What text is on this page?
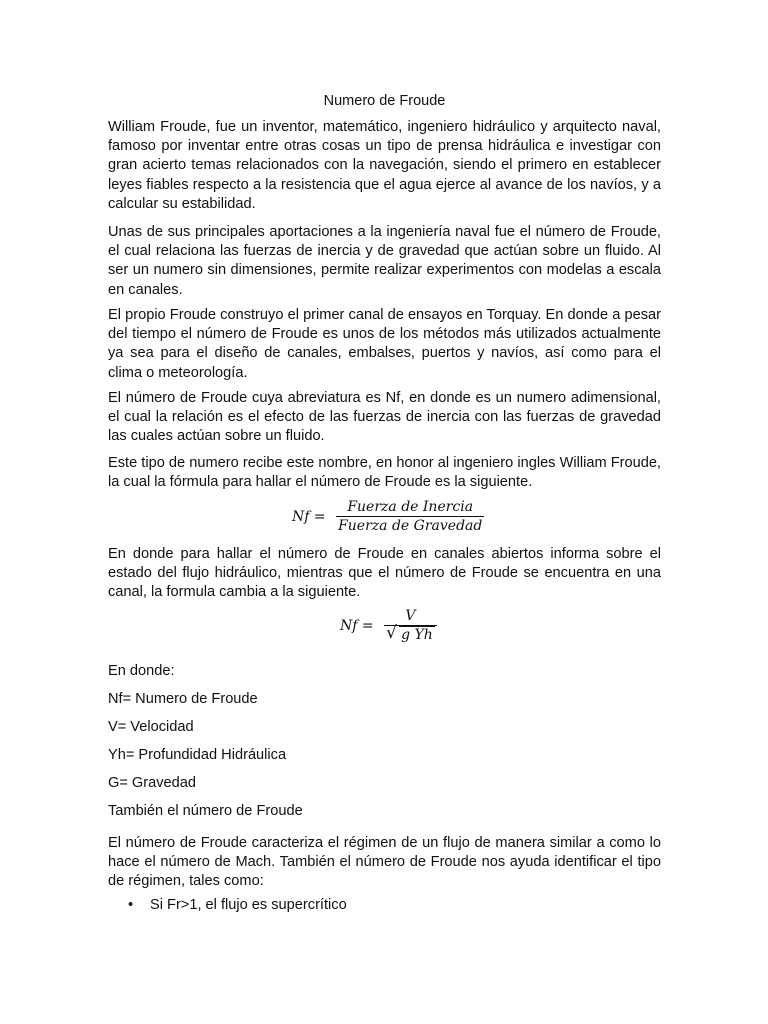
Numero de Froude

William Froude, fue un inventor, matemático, ingeniero hidráulico y arquitecto naval, famoso por inventar entre otras cosas un tipo de prensa hidráulica e investigar con gran acierto temas relacionados con la navegación, siendo el primero en establecer leyes fiables respecto a la resistencia que el agua ejerce al avance de los navíos, y a calcular su estabilidad.

Unas de sus principales aportaciones a la ingeniería naval fue el número de Froude, el cual relaciona las fuerzas de inercia y de gravedad que actúan sobre un fluido. Al ser un numero sin dimensiones, permite realizar experimentos con modelas a escala en canales.

El propio Froude construyo el primer canal de ensayos en Torquay. En donde a pesar del tiempo el número de Froude es unos de los métodos más utilizados actualmente ya sea para el diseño de canales, embalses, puertos y navíos, así como para el clima o meteorología.

El número de Froude cuya abreviatura es Nf, en donde es un numero adimensional, el cual la relación es el efecto de las fuerzas de inercia con las fuerzas de gravedad las cuales actúan sobre un fluido.

Este tipo de numero recibe este nombre, en honor al ingeniero ingles William Froude, la cual la fórmula para hallar el número de Froude es la siguiente.

$Nf = \frac{\text{Fuerza de Inercia}}{\text{Fuerza de Gravedad}}$

En donde para hallar el número de Froude en canales abiertos informa sobre el estado del flujo hidráulico, mientras que el número de Froude se encuentra en una canal, la formula cambia a la siguiente.

$Nf = \frac{V}{\text{√ g Yh}}$
En donde:
Nf= Numero de Froude
V= Velocidad
Yh= Profundidad Hidráulica
G= Gravedad
También el número de Froude

El número de Froude caracteriza el régimen de un flujo de manera similar a como lo hace el número de Mach. También el número de Froude nos ayuda identificar el tipo de régimen, tales como:

• Si Fr>1, el flujo es supercrítico
